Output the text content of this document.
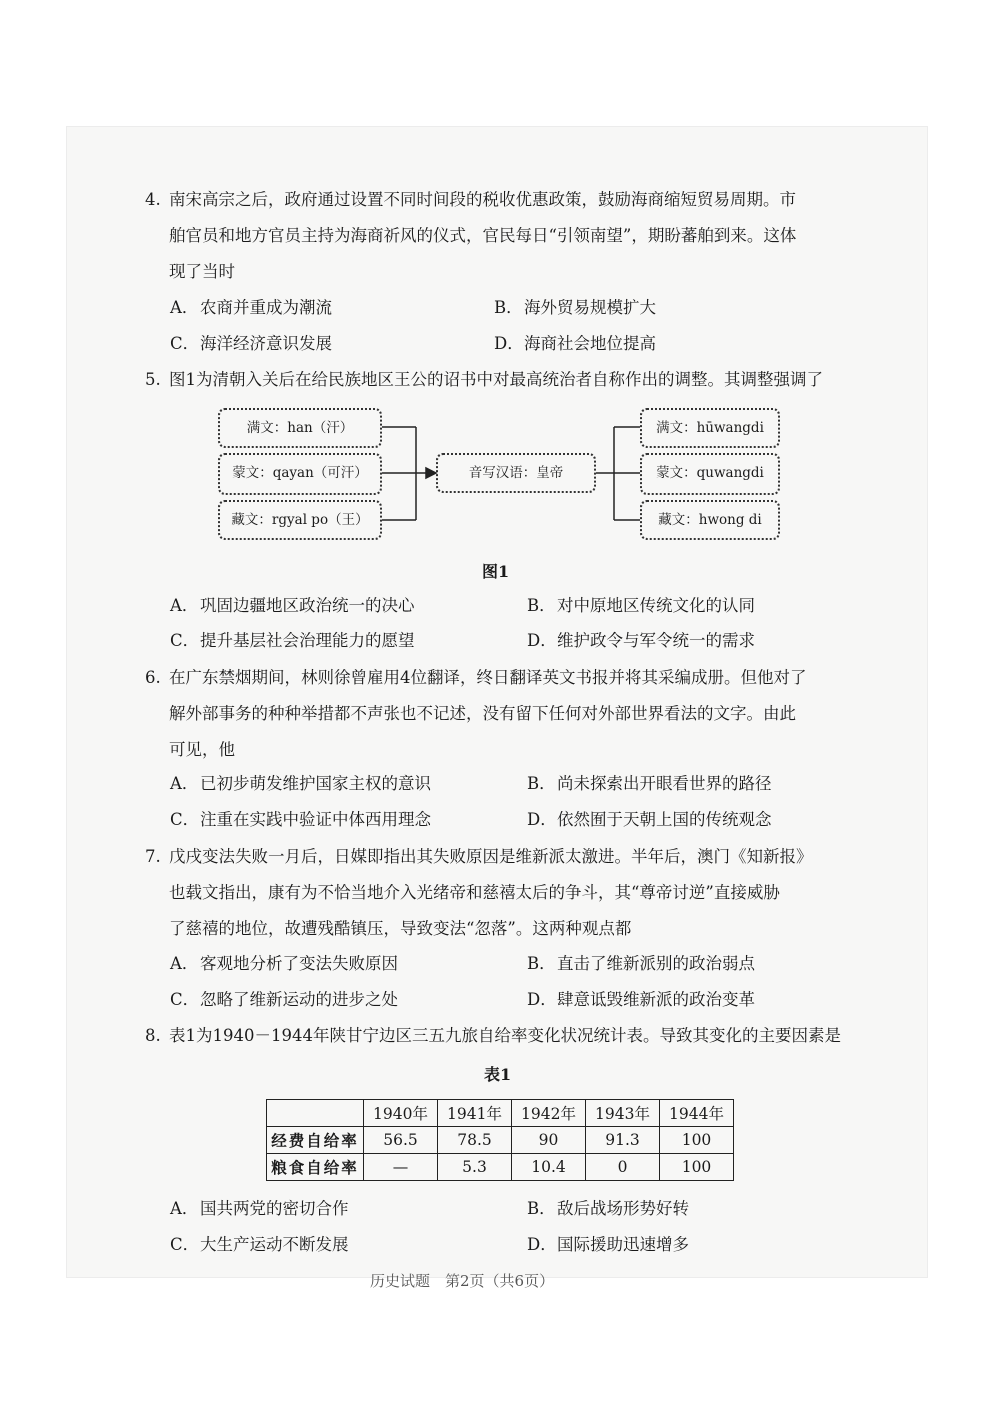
4. 南宋高宗之后，政府通过设置不同时间段的税收优惠政策，鼓励海商缩短贸易周期。市
舶官员和地方官员主持为海商祈风的仪式，官民每日“引领南望”，期盼蕃舶到来。这体
现了当时
A．农商并重成为潮流	B．海外贸易规模扩大
C．海洋经济意识发展	D．海商社会地位提高
5. 图1为清朝入关后在给民族地区王公的诏书中对最高统治者自称作出的调整。其调整强调了
满文：han（汗）
蒙文：qayan（可汗）
藏文：rgyal po（王）
音写汉语：皇帝
满文：hūwangdi
蒙文：quwangdi
藏文：hwong di
图1
A．巩固边疆地区政治统一的决心	B．对中原地区传统文化的认同
C．提升基层社会治理能力的愿望	D．维护政令与军令统一的需求
6. 在广东禁烟期间，林则徐曾雇用4位翻译，终日翻译英文书报并将其采编成册。但他对了
解外部事务的种种举措都不声张也不记述，没有留下任何对外部世界看法的文字。由此
可见，他
A．已初步萌发维护国家主权的意识	B．尚未探索出开眼看世界的路径
C．注重在实践中验证中体西用理念	D．依然囿于天朝上国的传统观念
7. 戊戌变法失败一月后，日媒即指出其失败原因是维新派太激进。半年后，澳门《知新报》
也载文指出，康有为不恰当地介入光绪帝和慈禧太后的争斗，其“尊帝讨逆”直接威胁
了慈禧的地位，故遭残酷镇压，导致变法“忽落”。这两种观点都
A．客观地分析了变法失败原因	B．直击了维新派别的政治弱点
C．忽略了维新运动的进步之处	D．肆意诋毁维新派的政治变革
8. 表1为1940－1944年陕甘宁边区三五九旅自给率变化状况统计表。导致其变化的主要因素是
表1
	1940年	1941年	1942年	1943年	1944年
经费自给率	56.5	78.5	90	91.3	100
粮食自给率	—	5.3	10.4	0	100
A．国共两党的密切合作	B．敌后战场形势好转
C．大生产运动不断发展	D．国际援助迅速增多
历史试题　第2页（共6页）
